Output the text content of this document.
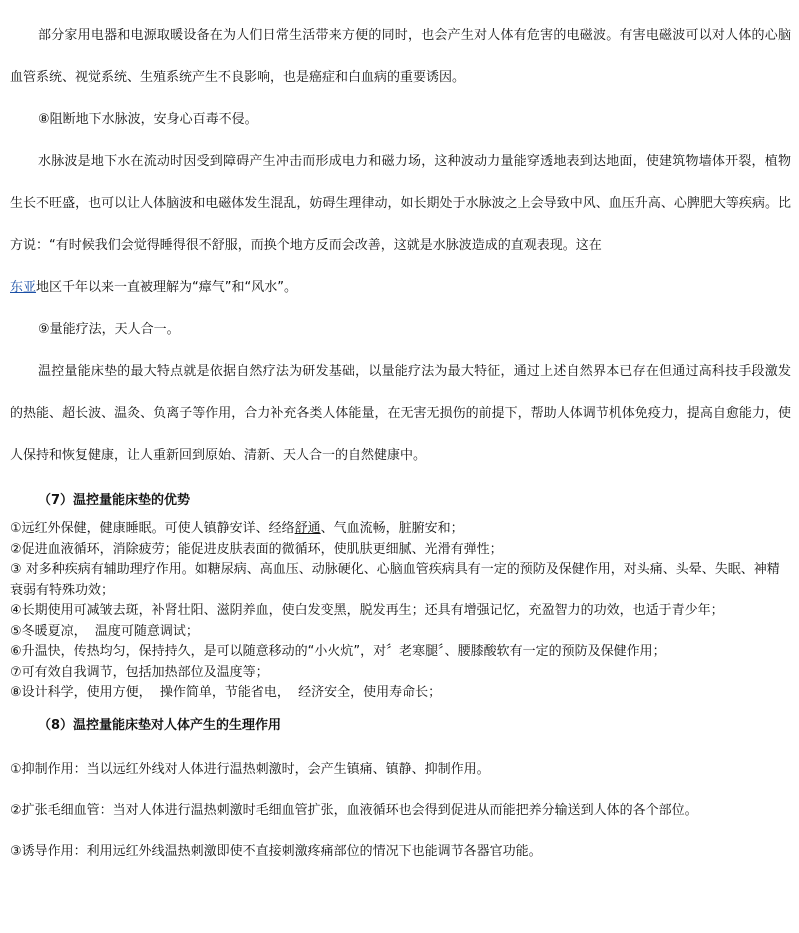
部分家用电器和电源取暖设备在为人们日常生活带来方便的同时，也会产生对人体有危害的电磁波。有害电磁波可以对人体的心脑血管系统、视觉系统、生殖系统产生不良影响，也是癌症和白血病的重要诱因。

⑧阻断地下水脉波，安身心百毒不侵。

水脉波是地下水在流动时因受到障碍产生冲击而形成电力和磁力场，这种波动力量能穿透地表到达地面，使建筑物墙体开裂，植物生长不旺盛，也可以让人体脑波和电磁体发生混乱，妨碍生理律动，如长期处于水脉波之上会导致中风、血压升高、心脾肥大等疾病。比方说：“有时候我们会觉得睡得很不舒服，而换个地方反而会改善，这就是水脉波造成的直观表现。这在

东亚地区千年以来一直被理解为“瘴气”和“风水”。

⑨量能疗法，天人合一。

温控量能床垫的最大特点就是依据自然疗法为研发基础，以量能疗法为最大特征，通过上述自然界本已存在但通过高科技手段激发的热能、超长波、温灸、负离子等作用，合力补充各类人体能量，在无害无损伤的前提下，帮助人体调节机体免疫力，提高自愈能力，使人保持和恢复健康，让人重新回到原始、清新、天人合一的自然健康中。

（7）温控量能床垫的优势

①远红外保健，健康睡眠。可使人镇静安详、经络舒通、气血流畅，脏腑安和；
②促进血液循环，消除疲劳；能促进皮肤表面的微循环，使肌肤更细腻、光滑有弹性；
③ 对多种疾病有辅助理疗作用。如糖尿病、高血压、动脉硬化、心脑血管疾病具有一定的预防及保健作用，对头痛、头晕、失眠、神精衰弱有特殊功效；
④长期使用可减皱去斑，补肾壮阳、滋阴养血，使白发变黑，脱发再生；还具有增强记忆，充盈智力的功效，也适于青少年；
⑤冬暖夏凉，  温度可随意调试；
⑥升温快，传热均匀，保持持久，是可以随意移动的“小火炕”，对〞老寒腿〞、腰膝酸软有一定的预防及保健作用；
⑦可有效自我调节，包括加热部位及温度等；
⑧设计科学，使用方便，  操作简单，节能省电，  经济安全，使用寿命长；

（8）温控量能床垫对人体产生的生理作用

①抑制作用：当以远红外线对人体进行温热刺激时，会产生镇痛、镇静、抑制作用。

②扩张毛细血管：当对人体进行温热刺激时毛细血管扩张，血液循环也会得到促进从而能把养分输送到人体的各个部位。

③诱导作用：利用远红外线温热刺激即使不直接刺激疼痛部位的情况下也能调节各器官功能。
